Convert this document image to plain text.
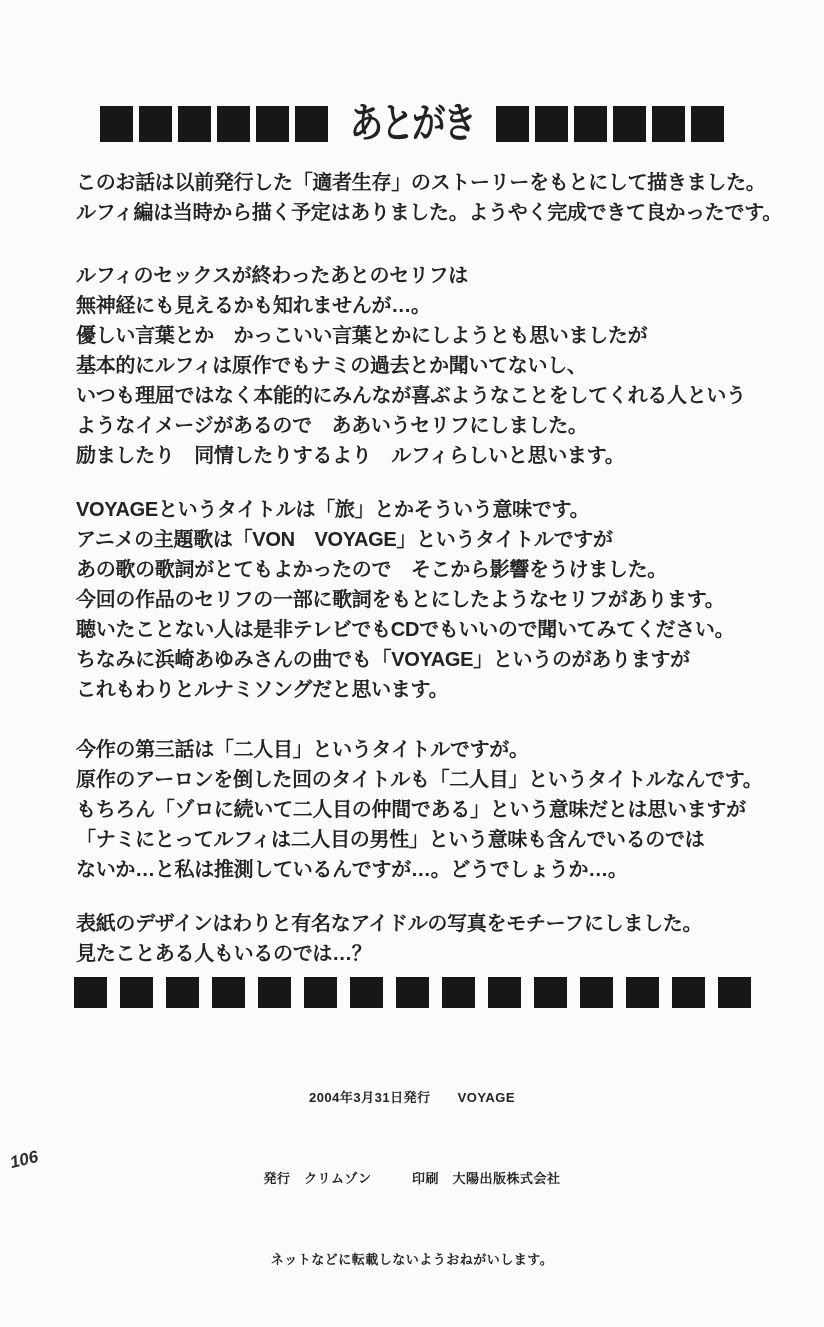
あとがき
このお話は以前発行した「適者生存」のストーリーをもとにして描きました。
ルフィ編は当時から描く予定はありました。ようやく完成できて良かったです。
ルフィのセックスが終わったあとのセリフは
無神経にも見えるかも知れませんが…。
優しい言葉とか　かっこいい言葉とかにしようとも思いましたが
基本的にルフィは原作でもナミの過去とか聞いてないし、
いつも理屈ではなく本能的にみんなが喜ぶようなことをしてくれる人という
ようなイメージがあるので　ああいうセリフにしました。
励ましたり　同情したりするより　ルフィらしいと思います。
VOYAGEというタイトルは「旅」とかそういう意味です。
アニメの主題歌は「VON　VOYAGE」というタイトルですが
あの歌の歌詞がとてもよかったので　そこから影響をうけました。
今回の作品のセリフの一部に歌詞をもとにしたようなセリフがあります。
聴いたことない人は是非テレビでもCDでもいいので聞いてみてください。
ちなみに浜崎あゆみさんの曲でも「VOYAGE」というのがありますが
これもわりとルナミソングだと思います。
今作の第三話は「二人目」というタイトルですが。
原作のアーロンを倒した回のタイトルも「二人目」というタイトルなんです。
もちろん「ゾロに続いて二人目の仲間である」という意味だとは思いますが
「ナミにとってルフィは二人目の男性」という意味も含んでいるのでは
ないか…と私は推測しているんですが…。どうでしょうか…。
表紙のデザインはわりと有名なアイドルの写真をモチーフにしました。
見たことある人もいるのでは…？

2004年3月31日発行　　VOYAGE

発行　クリムゾン　　　印刷　大陽出版株式会社

ネットなどに転載しないようおねがいします。

106
